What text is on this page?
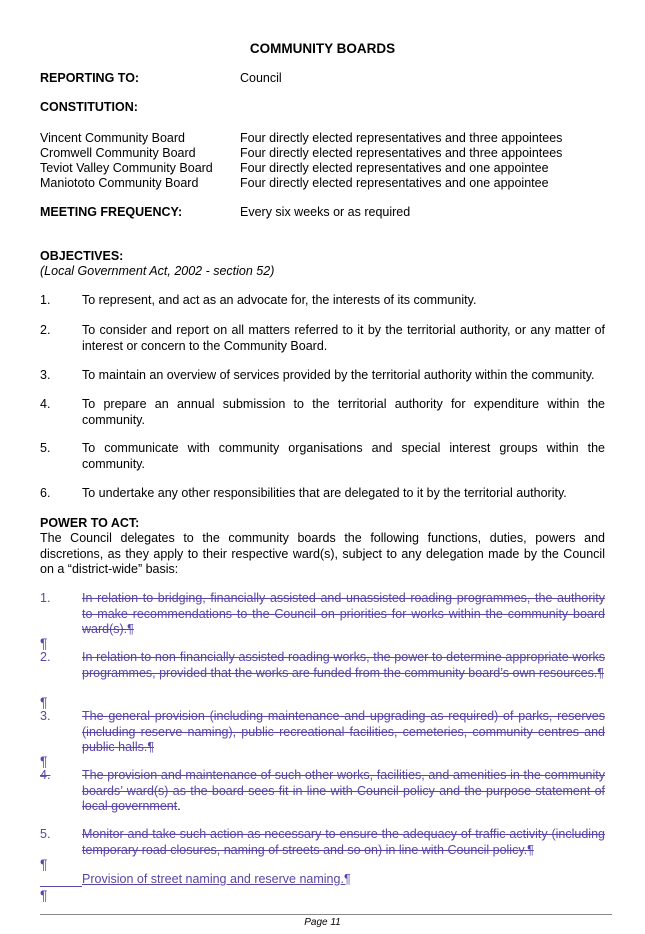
COMMUNITY BOARDS
REPORTING TO:	Council
CONSTITUTION:
Vincent Community Board	Four directly elected representatives and three appointees
Cromwell Community Board	Four directly elected representatives and three appointees
Teviot Valley Community Board Four directly elected representatives and one appointee
Maniototo Community Board	Four directly elected representatives and one appointee
MEETING FREQUENCY:	Every six weeks or as required
OBJECTIVES:
(Local Government Act, 2002 - section 52)
1.	To represent, and act as an advocate for, the interests of its community.
2.	To consider and report on all matters referred to it by the territorial authority, or any matter of interest or concern to the Community Board.
3.	To maintain an overview of services provided by the territorial authority within the community.
4.	To prepare an annual submission to the territorial authority for expenditure within the community.
5.	To communicate with community organisations and special interest groups within the community.
6.	To undertake any other responsibilities that are delegated to it by the territorial authority.
POWER TO ACT:
The Council delegates to the community boards the following functions, duties, powers and discretions, as they apply to their respective ward(s), subject to any delegation made by the Council on a “district-wide” basis:
1.	In relation to bridging, financially assisted and unassisted roading programmes, the authority to make recommendations to the Council on priorities for works within the community board ward(s).¶
¶
2.	In relation to non-financially assisted roading works, the power to determine appropriate works programmes, provided that the works are funded from the community board’s own resources.¶
¶
3.	The general provision (including maintenance and upgrading as required) of parks, reserves (including reserve naming), public recreational facilities, cemeteries, community centres and public halls.¶
¶
4.	The provision and maintenance of such other works, facilities, and amenities in the community boards’ ward(s) as the board sees fit in line with Council policy and the purpose statement of local government.
5.	Monitor and take such action as necessary to ensure the adequacy of traffic activity (including temporary road closures, naming of streets and so on) in line with Council policy.¶
¶
Provision of street naming and reserve naming.¶
¶
Page 11
